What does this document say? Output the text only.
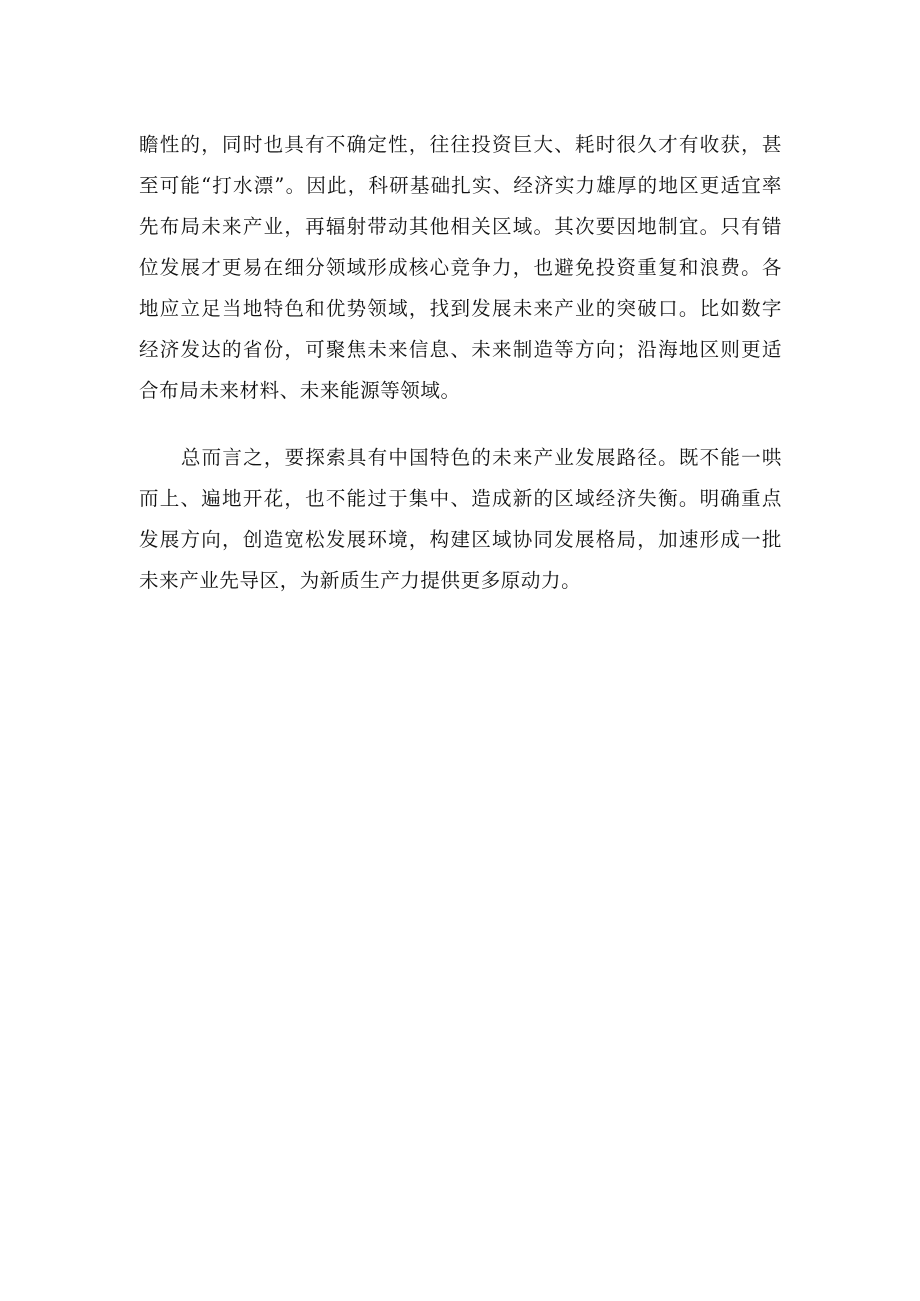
瞻性的，同时也具有不确定性，往往投资巨大、耗时很久才有收获，甚至可能“打水漂”。因此，科研基础扎实、经济实力雄厚的地区更适宜率先布局未来产业，再辐射带动其他相关区域。其次要因地制宜。只有错位发展才更易在细分领域形成核心竞争力，也避免投资重复和浪费。各地应立足当地特色和优势领域，找到发展未来产业的突破口。比如数字经济发达的省份，可聚焦未来信息、未来制造等方向；沿海地区则更适合布局未来材料、未来能源等领域。

总而言之，要探索具有中国特色的未来产业发展路径。既不能一哄而上、遍地开花，也不能过于集中、造成新的区域经济失衡。明确重点发展方向，创造宽松发展环境，构建区域协同发展格局，加速形成一批未来产业先导区，为新质生产力提供更多原动力。
